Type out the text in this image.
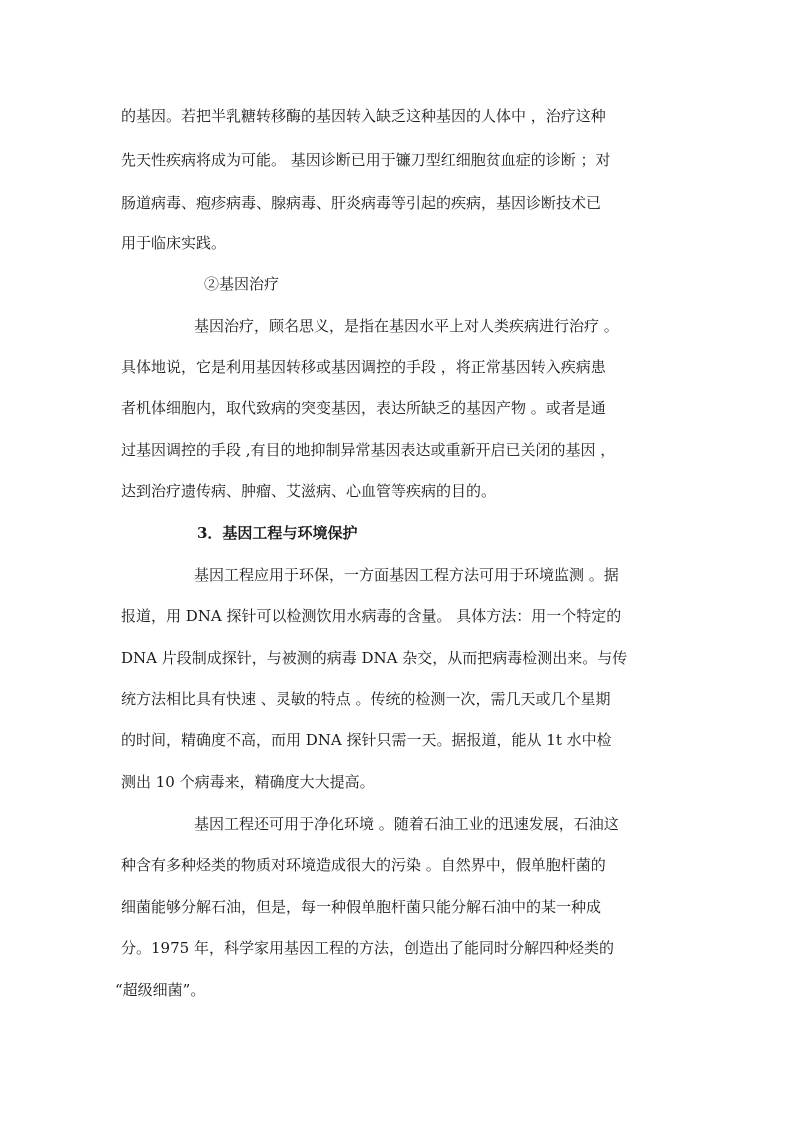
的基因。若把半乳糖转移酶的基因转入缺乏这种基因的人体中 ，治疗这种
先天性疾病将成为可能。 基因诊断已用于镰刀型红细胞贫血症的诊断 ；对
肠道病毒、疱疹病毒、腺病毒、肝炎病毒等引起的疾病，基因诊断技术已
用于临床实践。
②基因治疗
基因治疗，顾名思义，是指在基因水平上对人类疾病进行治疗 。
具体地说，它是利用基因转移或基因调控的手段 ，将正常基因转入疾病患
者机体细胞内，取代致病的突变基因，表达所缺乏的基因产物 。或者是通
过基因调控的手段 ,有目的地抑制异常基因表达或重新开启已关闭的基因 ，
达到治疗遗传病、肿瘤、艾滋病、心血管等疾病的目的。
3．基因工程与环境保护
基因工程应用于环保，一方面基因工程方法可用于环境监测 。据
报道，用 DNA 探针可以检测饮用水病毒的含量。 具体方法：用一个特定的
DNA 片段制成探针，与被测的病毒 DNA 杂交，从而把病毒检测出来。与传
统方法相比具有快速 、灵敏的特点 。传统的检测一次，需几天或几个星期
的时间，精确度不高，而用 DNA 探针只需一天。据报道，能从 1t 水中检
测出 10 个病毒来，精确度大大提高。
基因工程还可用于净化环境 。随着石油工业的迅速发展，石油这
种含有多种烃类的物质对环境造成很大的污染 。自然界中，假单胞杆菌的
细菌能够分解石油，但是，每一种假单胞杆菌只能分解石油中的某一种成
分。1975 年，科学家用基因工程的方法，创造出了能同时分解四种烃类的
“超级细菌”。
